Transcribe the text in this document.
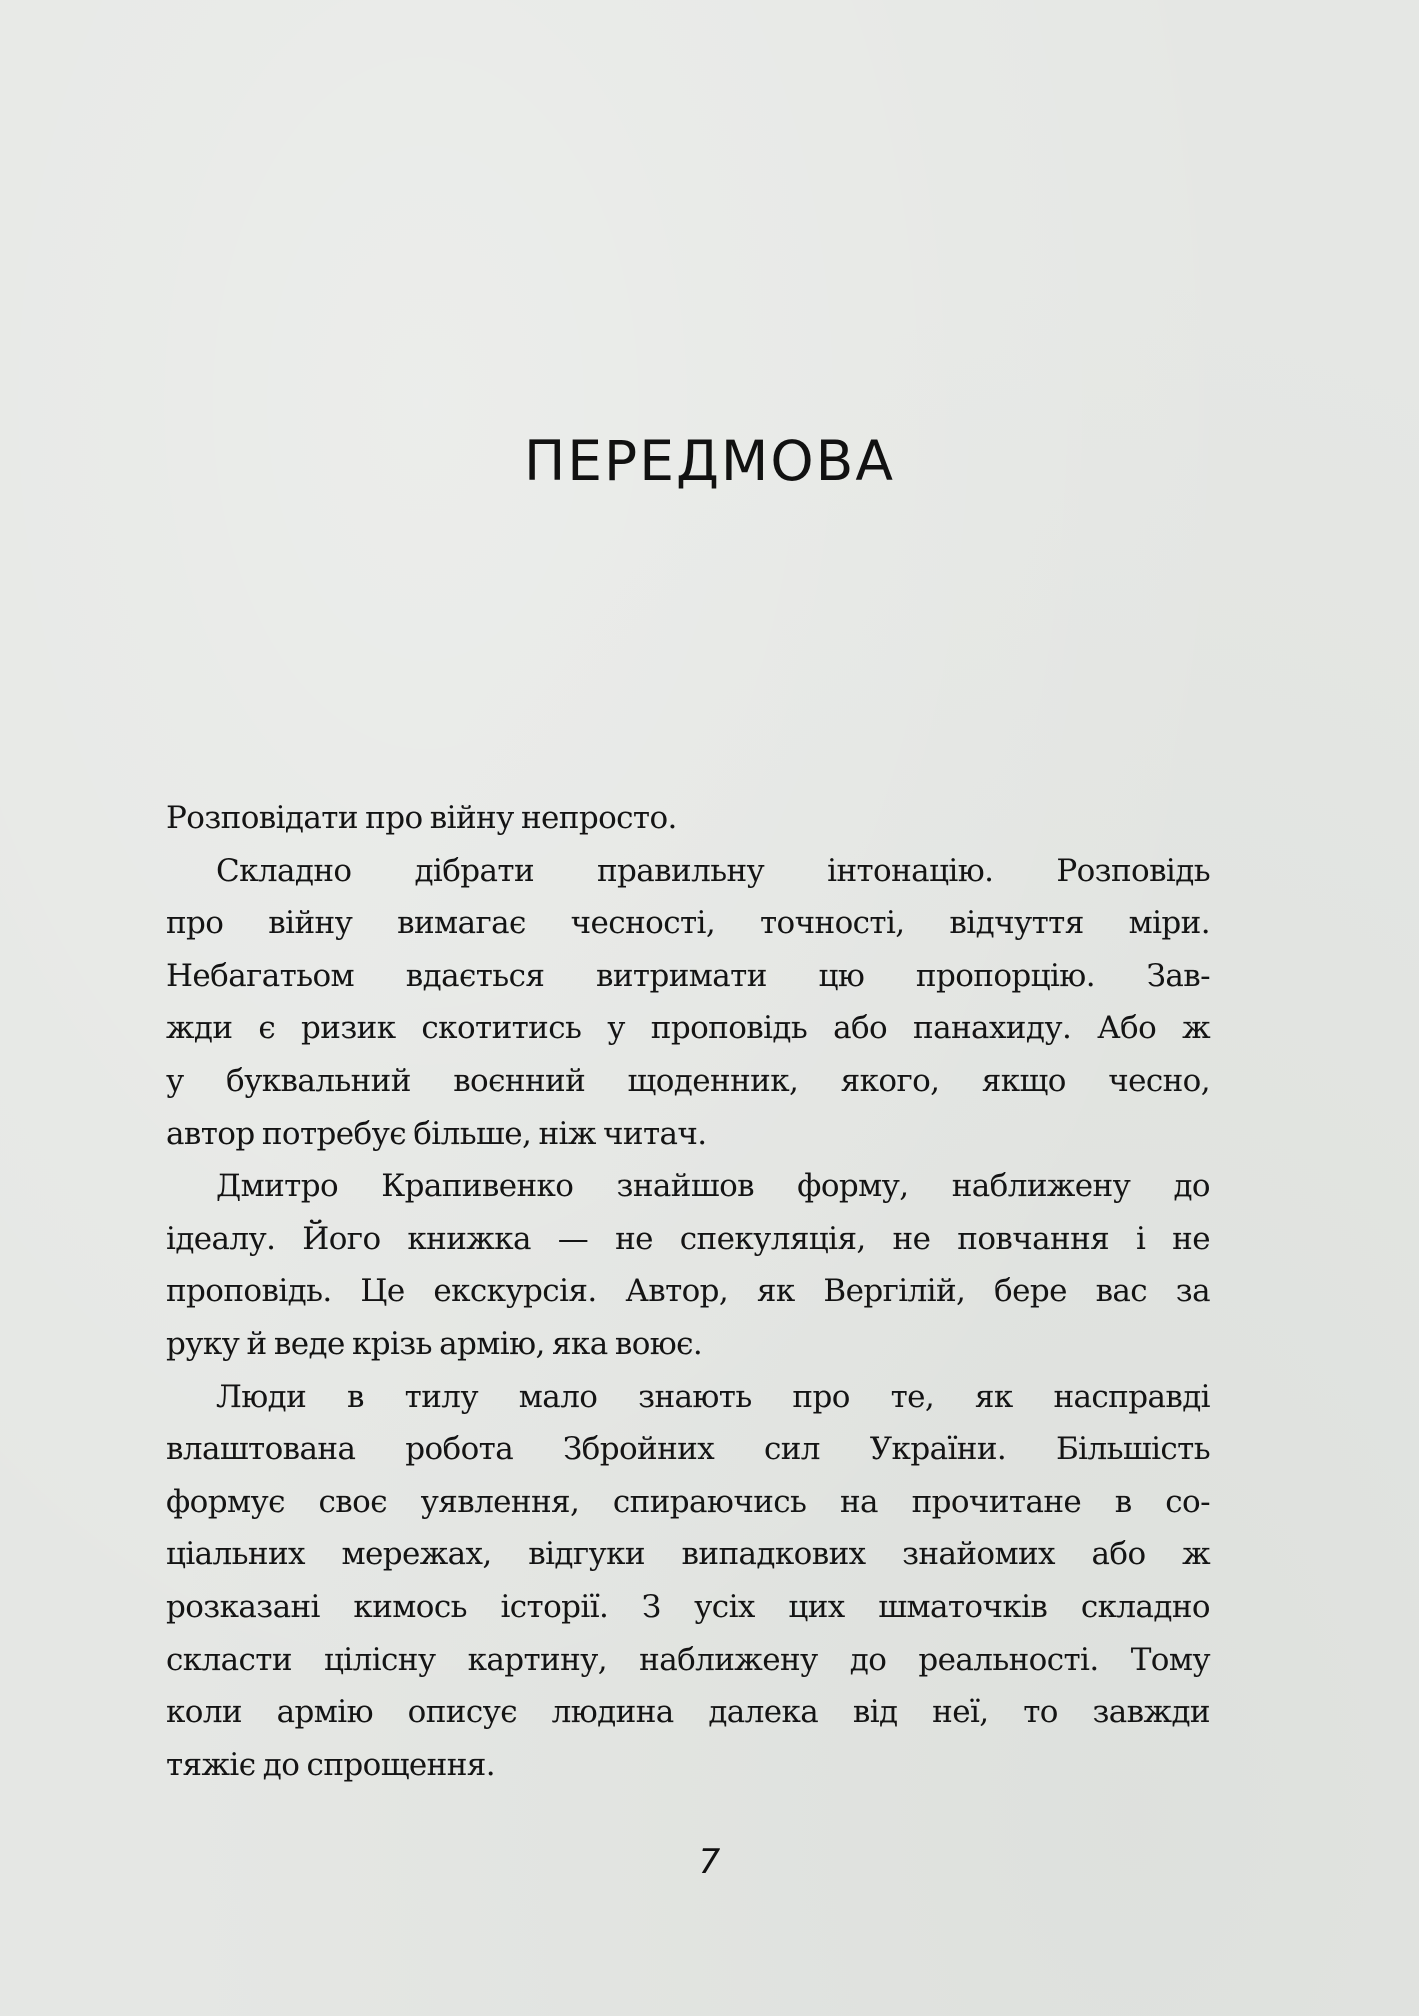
ПЕРЕДМОВА
Розповідати про війну непросто.
Складно дібрати правильну інтонацію. Розповідь
про війну вимагає чесності, точності, відчуття міри.
Небагатьом вдається витримати цю пропорцію. Зав-
жди є ризик скотитись у проповідь або панахиду. Або ж
у буквальний воєнний щоденник, якого, якщо чесно,
автор потребує більше, ніж читач.
Дмитро Крапивенко знайшов форму, наближену до
ідеалу. Його книжка — не спекуляція, не повчання і не
проповідь. Це екскурсія. Автор, як Вергілій, бере вас за
руку й веде крізь армію, яка воює.
Люди в тилу мало знають про те, як насправді
влаштована робота Збройних сил України. Більшість
формує своє уявлення, спираючись на прочитане в со-
ціальних мережах, відгуки випадкових знайомих або ж
розказані кимось історії. З усіх цих шматочків складно
скласти цілісну картину, наближену до реальності. Тому
коли армію описує людина далека від неї, то завжди
тяжіє до спрощення.
7
